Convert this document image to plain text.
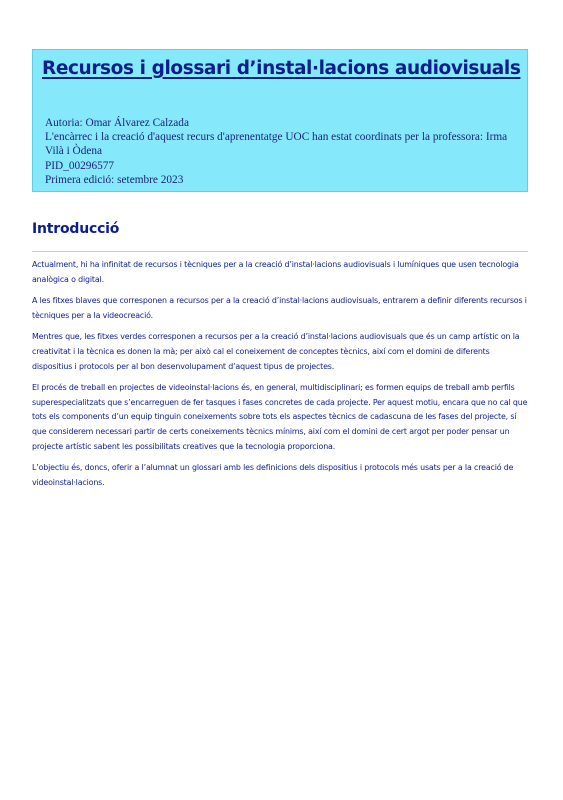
Recursos i glossari d’instal·lacions audiovisuals
Autoria: Omar Álvarez Calzada
L'encàrrec i la creació d'aquest recurs d'aprenentatge UOC han estat coordinats per la professora: Irma Vilà i Òdena
PID_00296577
Primera edició: setembre 2023
Introducció

Actualment, hi ha infinitat de recursos i tècniques per a la creació d’instal·lacions audiovisuals i lumíniques que usen tecnologia analògica o digital.

A les fitxes blaves que corresponen a recursos per a la creació d’instal·lacions audiovisuals, entrarem a definir diferents recursos i tècniques per a la videocreació.

Mentres que, les fitxes verdes corresponen a recursos per a la creació d’instal·lacions audiovisuals que és un camp artístic on la creativitat i la tècnica es donen la mà; per això cal el coneixement de conceptes tècnics, així com el domini de diferents dispositius i protocols per al bon desenvolupament d’aquest tipus de projectes.

El procés de treball en projectes de videoinstal·lacions és, en general, multidisciplinari; es formen equips de treball amb perfils superespecialitzats que s’encarreguen de fer tasques i fases concretes de cada projecte. Per aquest motiu, encara que no cal que tots els components d’un equip tinguin coneixements sobre tots els aspectes tècnics de cadascuna de les fases del projecte, sí que considerem necessari partir de certs coneixements tècnics mínims, així com el domini de cert argot per poder pensar un projecte artístic sabent les possibilitats creatives que la tecnologia proporciona.

L’objectiu és, doncs, oferir a l’alumnat un glossari amb les definicions dels dispositius i protocols més usats per a la creació de videoinstal·lacions.
